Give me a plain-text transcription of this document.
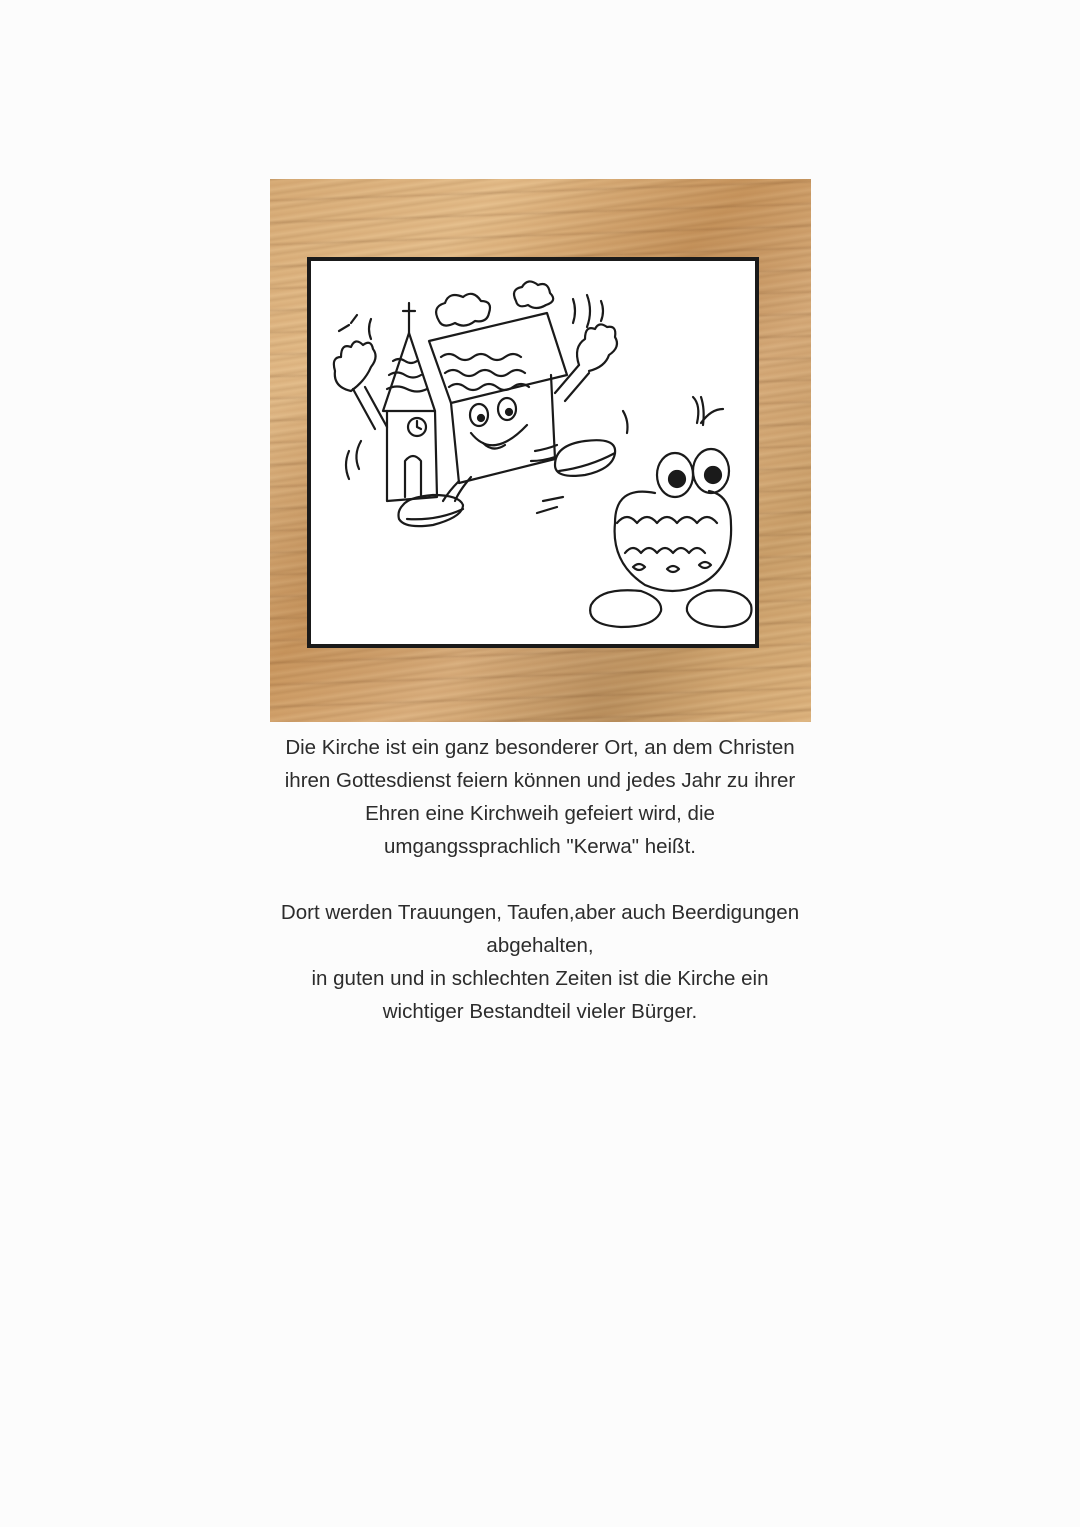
Die Kirche ist ein ganz besonderer Ort, an dem Christen
ihren Gottesdienst feiern können und jedes Jahr zu ihrer
Ehren eine Kirchweih gefeiert wird, die
umgangssprachlich "Kerwa" heißt.

Dort werden Trauungen, Taufen,aber auch Beerdigungen
abgehalten,
in guten und in schlechten Zeiten ist die Kirche ein
wichtiger Bestandteil vieler Bürger.
